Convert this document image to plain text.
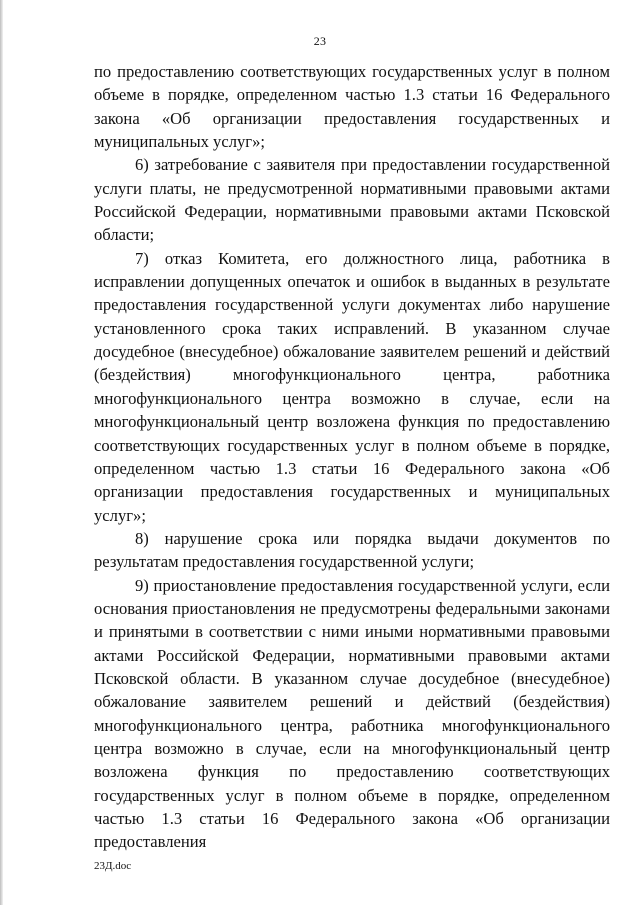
23

по предоставлению соответствующих государственных услуг в полном объеме в порядке, определенном частью 1.3 статьи 16 Федерального закона «Об организации предоставления государственных и муниципальных услуг»;

6) затребование с заявителя при предоставлении государственной услуги платы, не предусмотренной нормативными правовыми актами Российской Федерации, нормативными правовыми актами Псковской области;

7) отказ Комитета, его должностного лица, работника в исправлении допущенных опечаток и ошибок в выданных в результате предоставления государственной услуги документах либо нарушение установленного срока таких исправлений. В указанном случае досудебное (внесудебное) обжалование заявителем решений и действий (бездействия) многофункционального центра, работника многофункционального центра возможно в случае, если на многофункциональный центр возложена функция по предоставлению соответствующих государственных услуг в полном объеме в порядке, определенном частью 1.3 статьи 16 Федерального закона «Об организации предоставления государственных и муниципальных услуг»;

8) нарушение срока или порядка выдачи документов по результатам предоставления государственной услуги;

9) приостановление предоставления государственной услуги, если основания приостановления не предусмотрены федеральными законами и принятыми в соответствии с ними иными нормативными правовыми актами Российской Федерации, нормативными правовыми актами Псковской области. В указанном случае досудебное (внесудебное) обжалование заявителем решений и действий (бездействия) многофункционального центра, работника многофункционального центра возможно в случае, если на многофункциональный центр возложена функция по предоставлению соответствующих государственных услуг в полном объеме в порядке, определенном частью 1.3 статьи 16 Федерального закона «Об организации предоставления

23Д.doc
